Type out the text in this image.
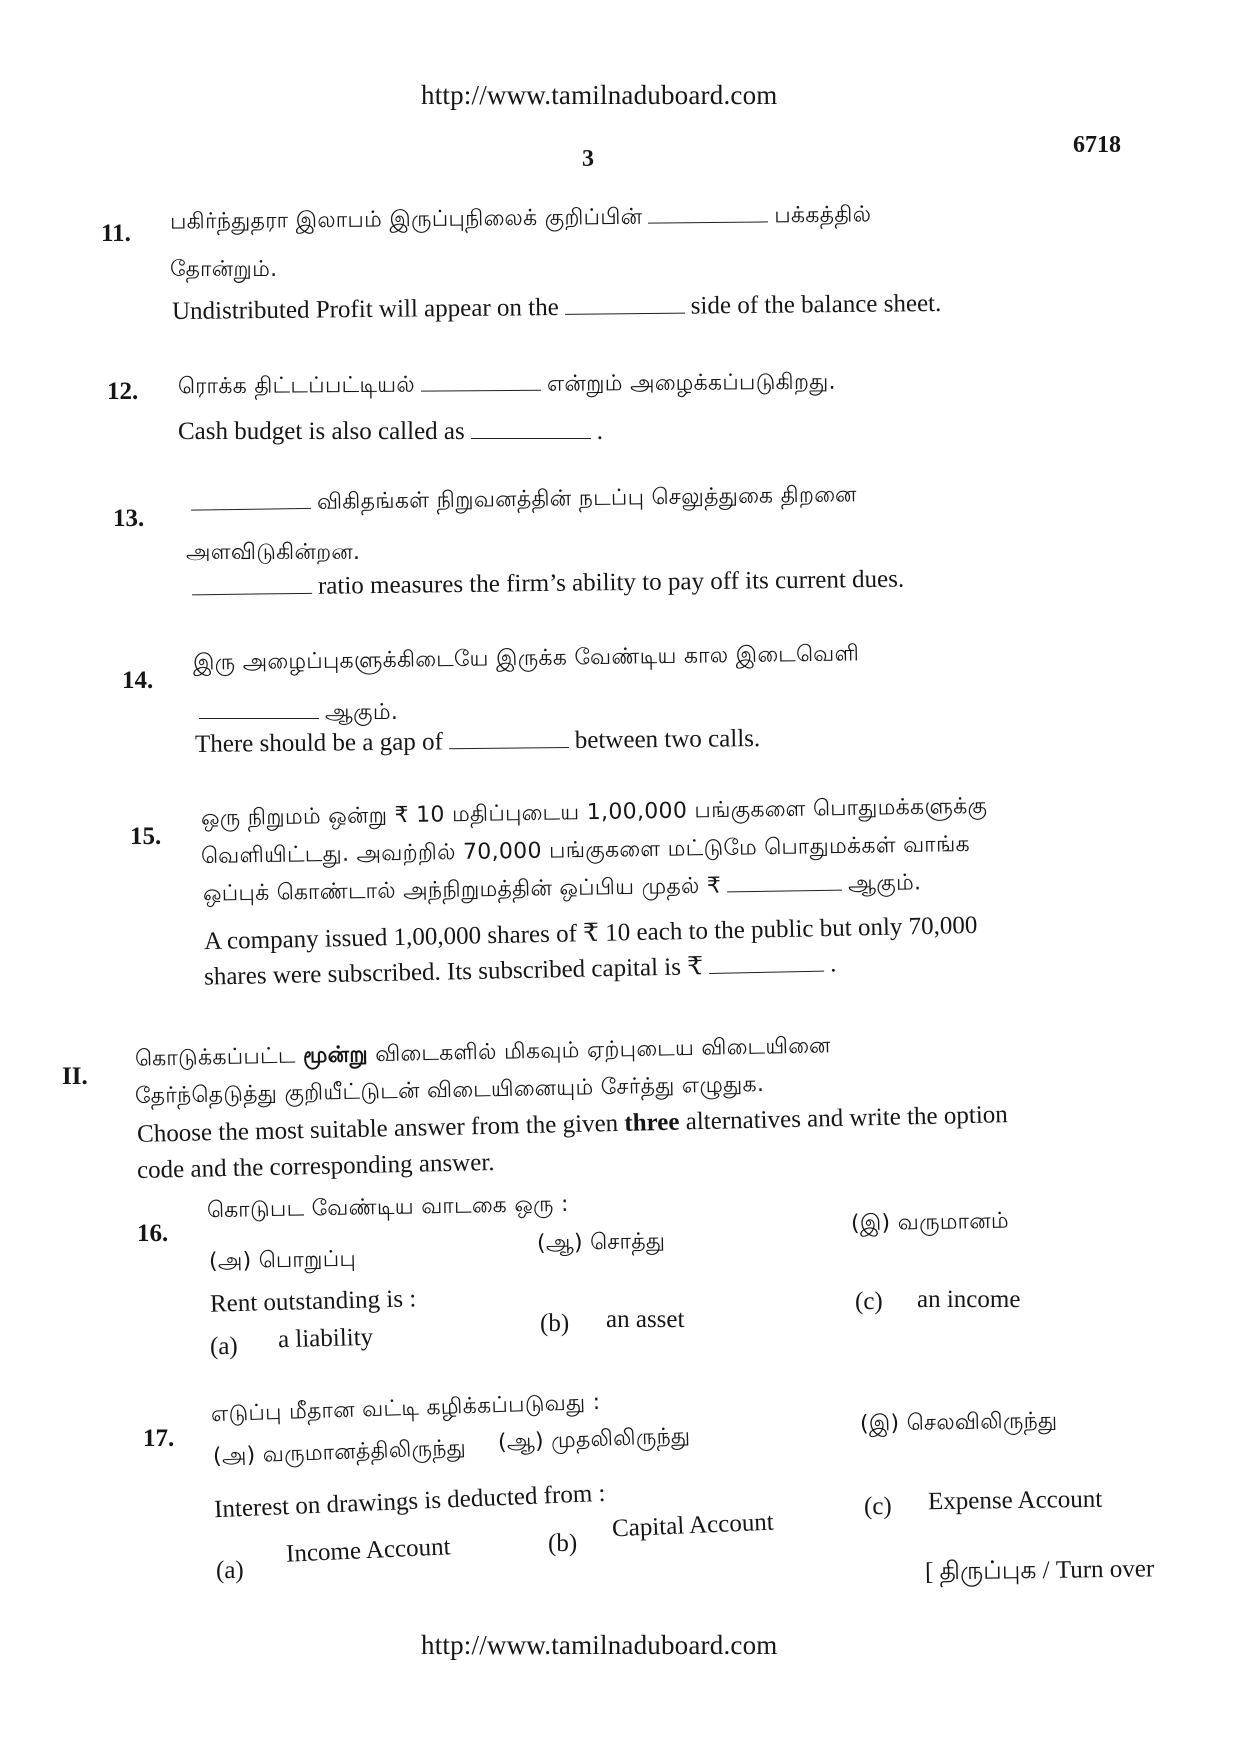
http://www.tamilnaduboard.com
3
6718
11. பகிர்ந்துதரா இலாபம் இருப்புநிலைக் குறிப்பின்	பக்கத்தில்
தோன்றும்.
Undistributed Profit will appear on the	side of the balance sheet.
12. ரொக்க திட்டப்பட்டியல்	என்றும் அழைக்கப்படுகிறது.
Cash budget is also called as	.
13.
விகிதங்கள் நிறுவனத்தின் நடப்பு செலுத்துகை திறனை
அளவிடுகின்றன.
ratio measures the firm’s ability to pay off its current dues.
14.
இரு அழைப்புகளுக்கிடையே இருக்க வேண்டிய கால இடைவெளி
ஆகும்.
There should be a gap of	between two calls.
15.
ஒரு நிறுமம் ஒன்று ₹ 10 மதிப்புடைய 1,00,000 பங்குகளை பொதுமக்களுக்கு
வெளியிட்டது. அவற்றில் 70,000 பங்குகளை மட்டுமே பொதுமக்கள் வாங்க
ஒப்புக் கொண்டால் அந்நிறுமத்தின் ஒப்பிய முதல் ₹	ஆகும்.
A company issued 1,00,000 shares of ₹ 10 each to the public but only 70,000
shares were subscribed. Its subscribed capital is ₹	.
II.
கொடுக்கப்பட்ட மூன்று விடைகளில் மிகவும் ஏற்புடைய விடையினை
தேர்ந்தெடுத்து குறியீட்டுடன் விடையினையும் சேர்த்து எழுதுக.
Choose the most suitable answer from the given three alternatives and write the option
code and the corresponding answer.
16.
கொடுபட வேண்டிய வாடகை ஒரு :
(அ) பொறுப்பு
(ஆ) சொத்து
(இ) வருமானம்
Rent outstanding is :
(a) a liability
(b) an asset
(c) an income
17.
எடுப்பு மீதான வட்டி கழிக்கப்படுவது :
(அ) வருமானத்திலிருந்து (ஆ) முதலிலிருந்து
(இ) செலவிலிருந்து
Interest on drawings is deducted from :
(a)
Income Account	(b)
Capital Account
(c) Expense Account
[ திருப்புக / Turn over
http://www.tamilnaduboard.com
